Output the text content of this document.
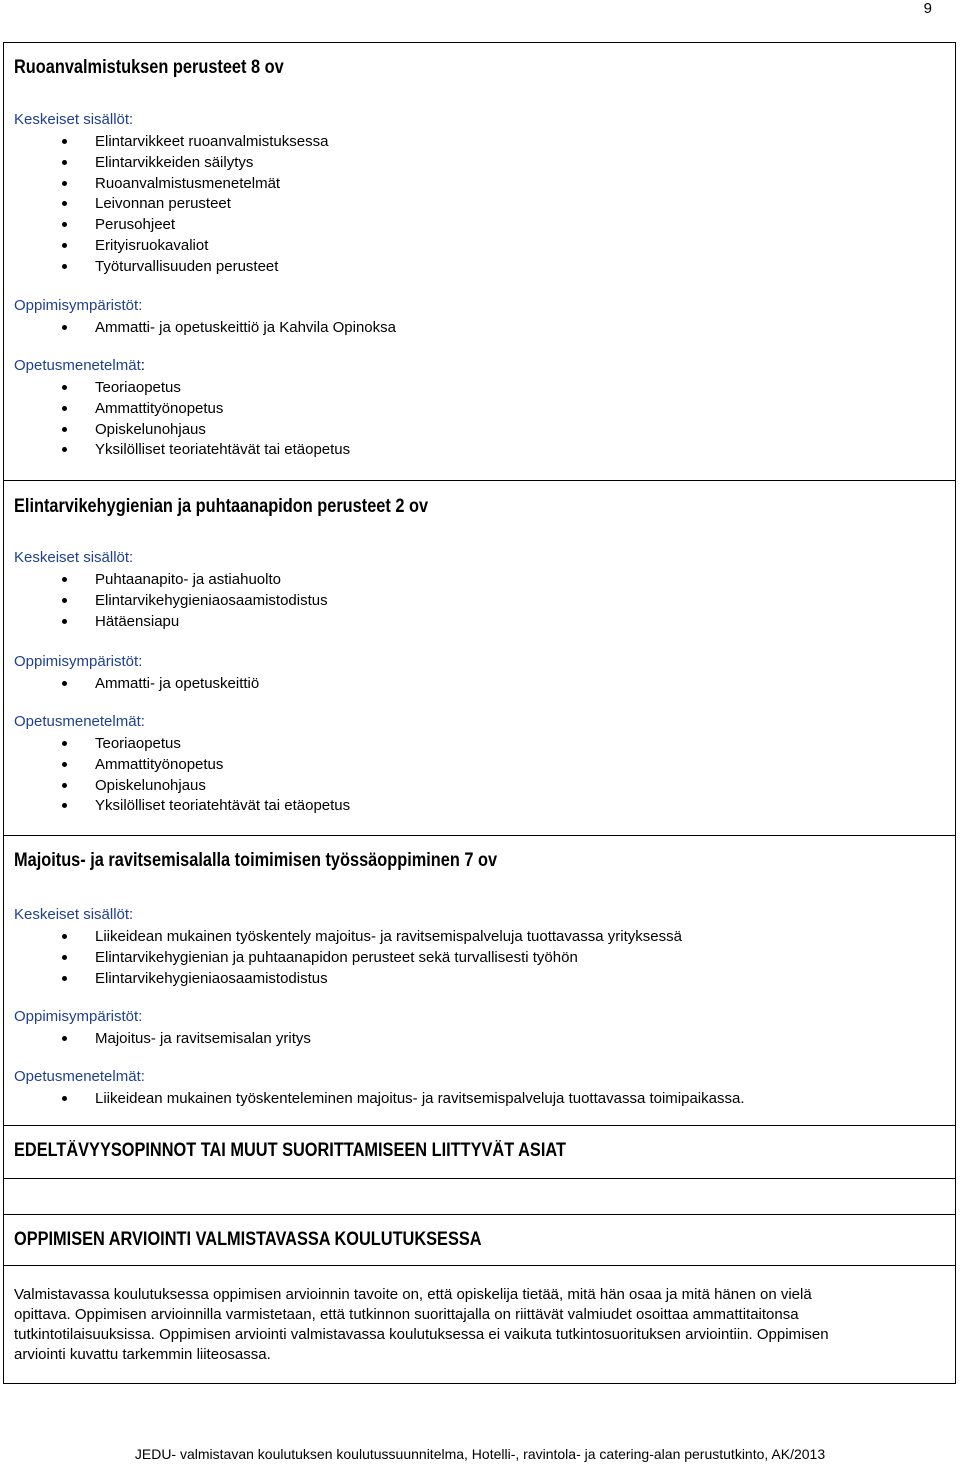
9
Ruoanvalmistuksen perusteet 8 ov

Keskeiset sisällöt:

Elintarvikkeet ruoanvalmistuksessa
Elintarvikkeiden säilytys
Ruoanvalmistusmenetelmät
Leivonnan perusteet
Perusohjeet
Erityisruokavaliot
Työturvallisuuden perusteet

Oppimisympäristöt:

Ammatti- ja opetuskeittiö ja Kahvila Opinoksa

Opetusmenetelmät:

Teoriaopetus
Ammattityönopetus
Opiskelunohjaus
Yksilölliset teoriatehtävät tai etäopetus
Elintarvikehygienian ja puhtaanapidon perusteet 2 ov

Keskeiset sisällöt:

Puhtaanapito- ja astiahuolto
Elintarvikehygieniaosaamistodistus
Hätäensiapu

Oppimisympäristöt:

Ammatti- ja opetuskeittiö

Opetusmenetelmät:

Teoriaopetus
Ammattityönopetus
Opiskelunohjaus
Yksilölliset teoriatehtävät tai etäopetus
Majoitus- ja ravitsemisalalla toimimisen työssäoppiminen 7 ov

Keskeiset sisällöt:

Liikeidean mukainen työskentely majoitus- ja ravitsemispalveluja tuottavassa yrityksessä
Elintarvikehygienian ja puhtaanapidon perusteet sekä turvallisesti työhön
Elintarvikehygieniaosaamistodistus

Oppimisympäristöt:

Majoitus- ja ravitsemisalan yritys

Opetusmenetelmät:

Liikeidean mukainen työskenteleminen majoitus- ja ravitsemispalveluja tuottavassa toimipaikassa.
EDELTÄVYYSOPINNOT TAI MUUT SUORITTAMISEEN LIITTYVÄT ASIAT
OPPIMISEN ARVIOINTI VALMISTAVASSA KOULUTUKSESSA

Valmistavassa koulutuksessa oppimisen arvioinnin tavoite on, että opiskelija tietää, mitä hän osaa ja mitä hänen on vielä

opittava. Oppimisen arvioinnilla varmistetaan, että tutkinnon suorittajalla on riittävät valmiudet osoittaa ammattitaitonsa

tutkintotilaisuuksissa. Oppimisen arviointi valmistavassa koulutuksessa ei vaikuta tutkintosuorituksen arviointiin. Oppimisen

arviointi kuvattu tarkemmin liiteosassa.

JEDU- valmistavan koulutuksen koulutussuunnitelma, Hotelli-, ravintola- ja catering-alan perustutkinto, AK/2013
